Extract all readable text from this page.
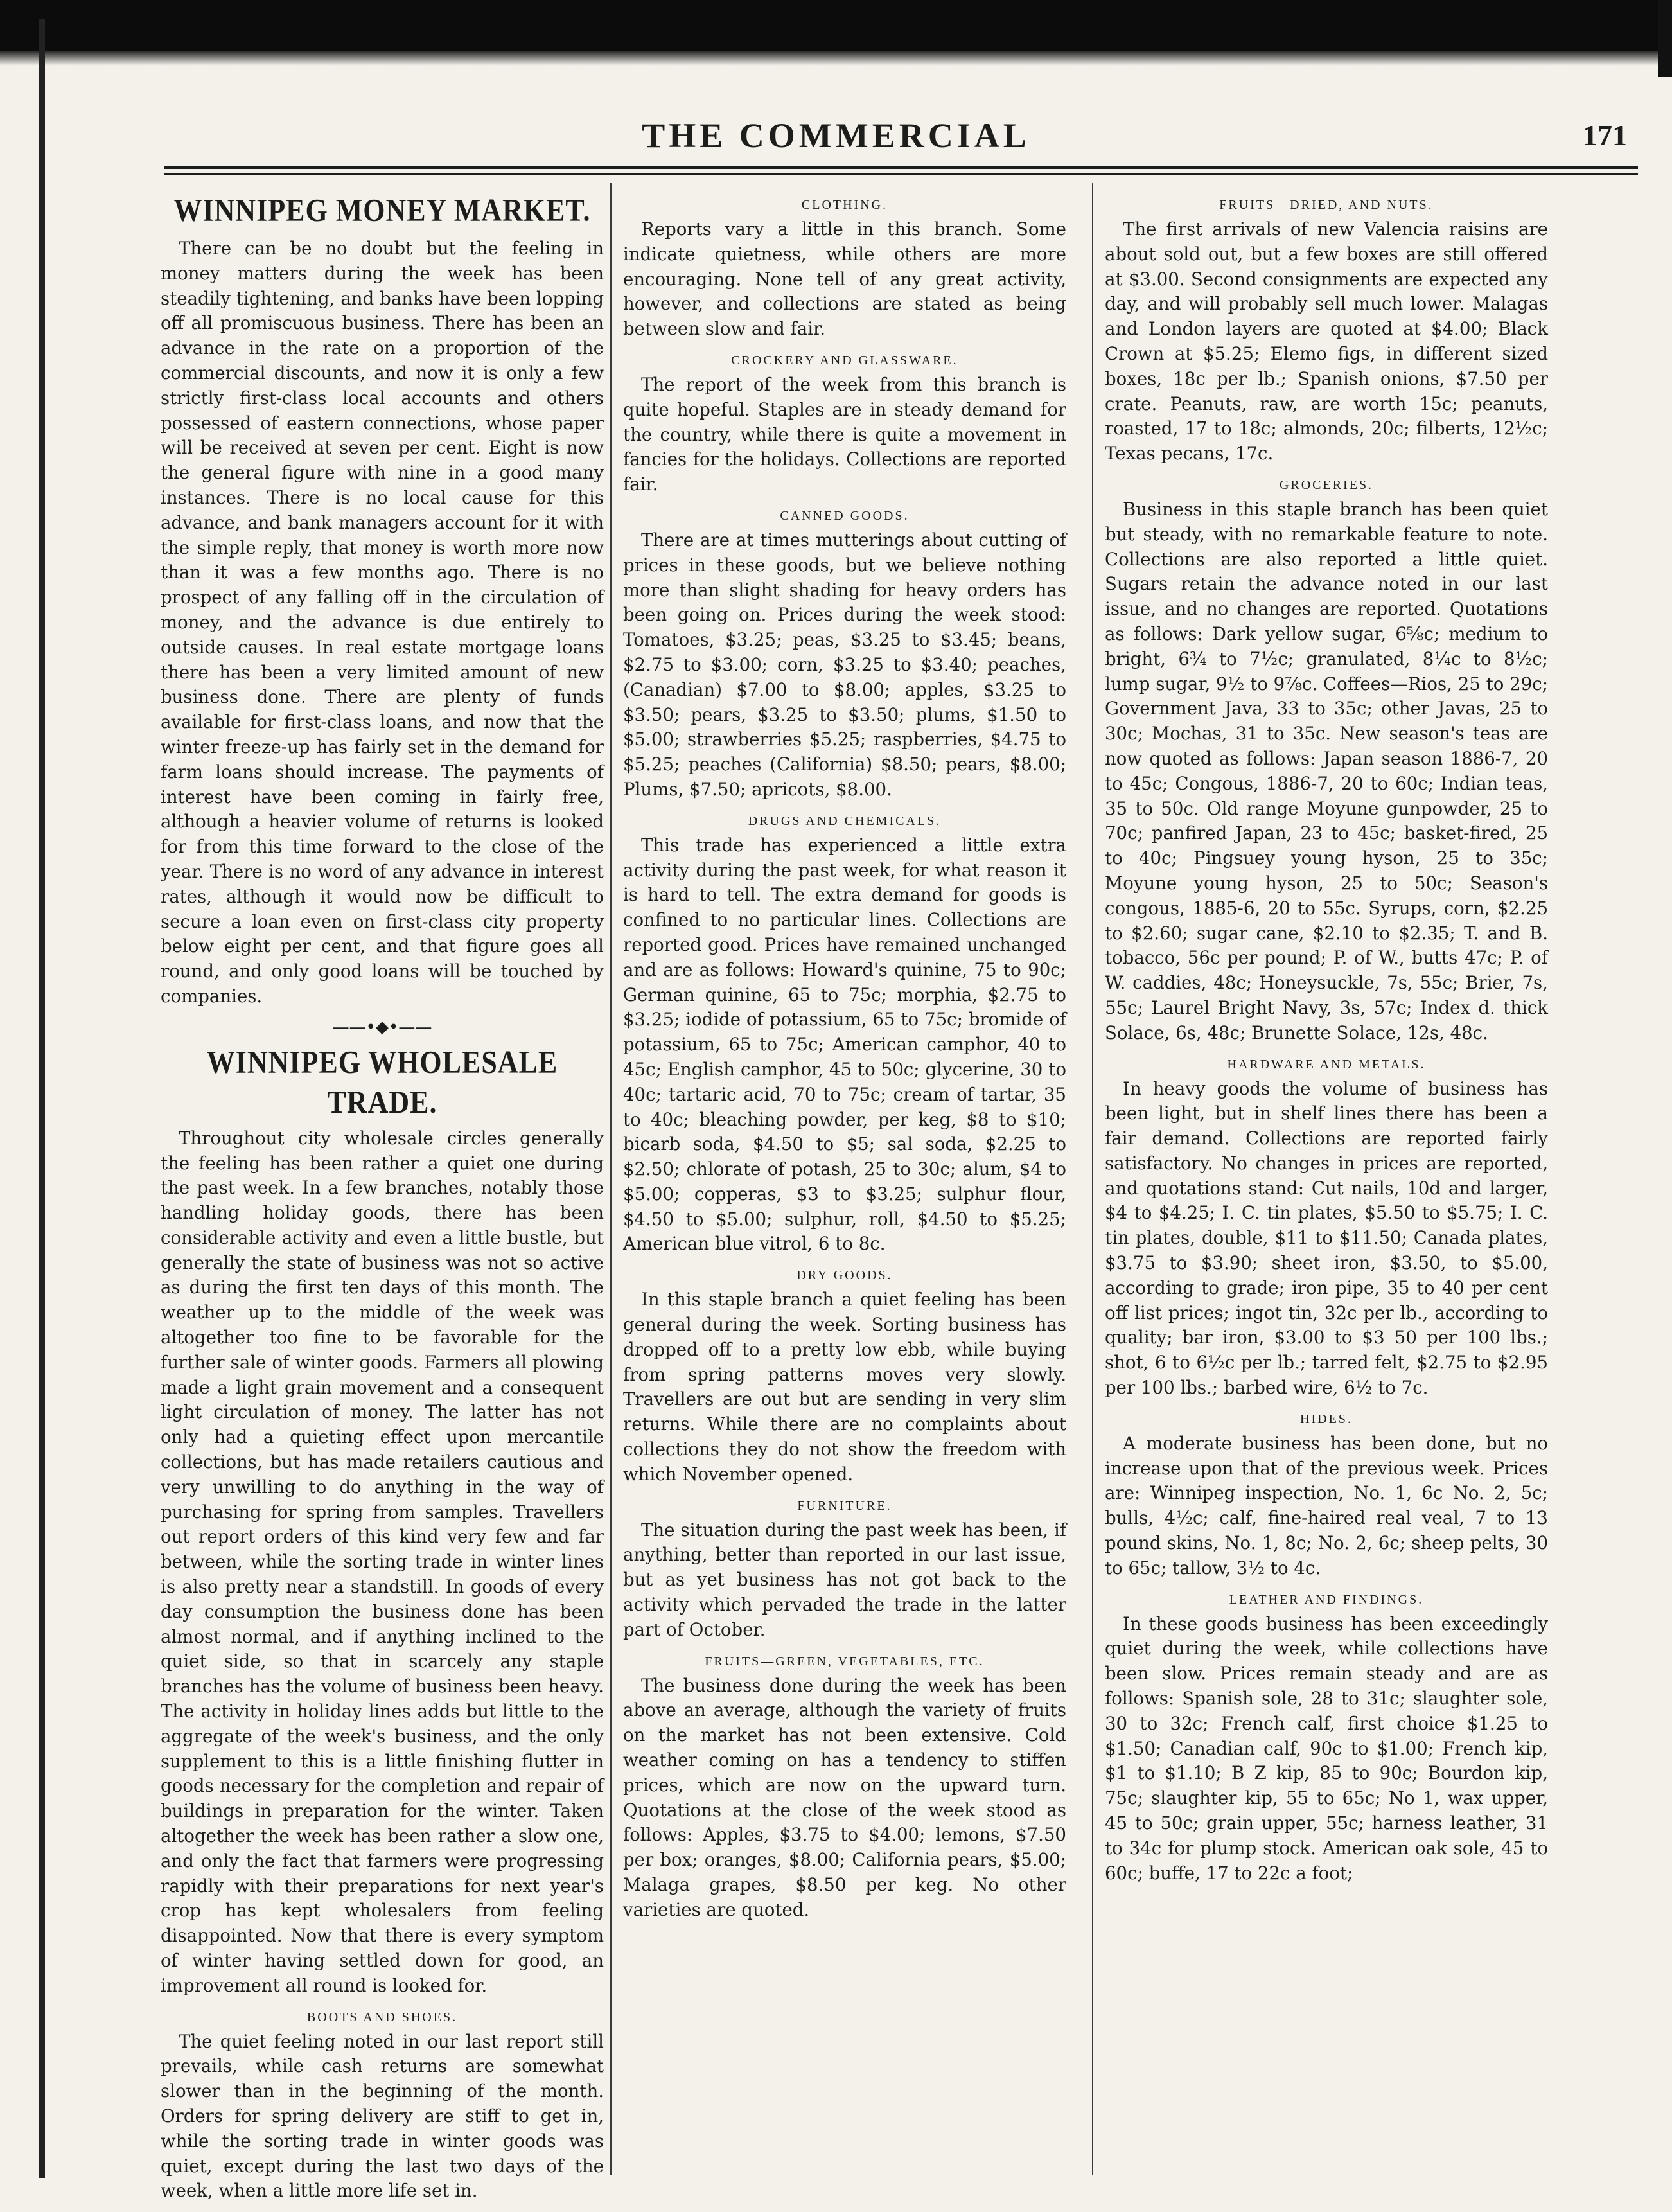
THE COMMERCIAL	171
WINNIPEG MONEY MARKET.

There can be no doubt but the feeling in money matters during the week has been steadily tightening, and banks have been lopping off all promiscuous business. There has been an advance in the rate on a proportion of the commercial discounts, and now it is only a few strictly first-class local accounts and others possessed of eastern connections, whose paper will be received at seven per cent. Eight is now the general figure with nine in a good many instances. There is no local cause for this advance, and bank managers account for it with the simple reply, that money is worth more now than it was a few months ago. There is no prospect of any falling off in the circulation of money, and the advance is due entirely to outside causes. In real estate mortgage loans there has been a very limited amount of new business done. There are plenty of funds available for first-class loans, and now that the winter freeze-up has fairly set in the demand for farm loans should increase. The payments of interest have been coming in fairly free, although a heavier volume of returns is looked for from this time forward to the close of the year. There is no word of any advance in interest rates, although it would now be difficult to secure a loan even on first-class city property below eight per cent, and that figure goes all round, and only good loans will be touched by companies.

——•◆•——
WINNIPEG WHOLESALE TRADE.

Throughout city wholesale circles generally the feeling has been rather a quiet one during the past week. In a few branches, notably those handling holiday goods, there has been considerable activity and even a little bustle, but generally the state of business was not so active as during the first ten days of this month. The weather up to the middle of the week was altogether too fine to be favorable for the further sale of winter goods. Farmers all plowing made a light grain movement and a consequent light circulation of money. The latter has not only had a quieting effect upon mercantile collections, but has made retailers cautious and very unwilling to do anything in the way of purchasing for spring from samples. Travellers out report orders of this kind very few and far between, while the sorting trade in winter lines is also pretty near a standstill. In goods of every day consumption the business done has been almost normal, and if anything inclined to the quiet side, so that in scarcely any staple branches has the volume of business been heavy. The activity in holiday lines adds but little to the aggregate of the week's business, and the only supplement to this is a little finishing flutter in goods necessary for the completion and repair of buildings in preparation for the winter. Taken altogether the week has been rather a slow one, and only the fact that farmers were progressing rapidly with their preparations for next year's crop has kept wholesalers from feeling disappointed. Now that there is every symptom of winter having settled down for good, an improvement all round is looked for.

BOOTS AND SHOES.

The quiet feeling noted in our last report still prevails, while cash returns are somewhat slower than in the beginning of the month. Orders for spring delivery are stiff to get in, while the sorting trade in winter goods was quiet, except during the last two days of the week, when a little more life set in.

CLOTHING.

Reports vary a little in this branch. Some indicate quietness, while others are more encouraging. None tell of any great activity, however, and collections are stated as being between slow and fair.

CROCKERY AND GLASSWARE.

The report of the week from this branch is quite hopeful. Staples are in steady demand for the country, while there is quite a movement in fancies for the holidays. Collections are reported fair.

CANNED GOODS.

There are at times mutterings about cutting of prices in these goods, but we believe nothing more than slight shading for heavy orders has been going on. Prices during the week stood: Tomatoes, $3.25; peas, $3.25 to $3.45; beans, $2.75 to $3.00; corn, $3.25 to $3.40; peaches, (Canadian) $7.00 to $8.00; apples, $3.25 to $3.50; pears, $3.25 to $3.50; plums, $1.50 to $5.00; strawberries $5.25; raspberries, $4.75 to $5.25; peaches (California) $8.50; pears, $8.00; Plums, $7.50; apricots, $8.00.

DRUGS AND CHEMICALS.

This trade has experienced a little extra activity during the past week, for what reason it is hard to tell. The extra demand for goods is confined to no particular lines. Collections are reported good. Prices have remained unchanged and are as follows: Howard's quinine, 75 to 90c; German quinine, 65 to 75c; morphia, $2.75 to $3.25; iodide of potassium, 65 to 75c; bromide of potassium, 65 to 75c; American camphor, 40 to 45c; English camphor, 45 to 50c; glycerine, 30 to 40c; tartaric acid, 70 to 75c; cream of tartar, 35 to 40c; bleaching powder, per keg, $8 to $10; bicarb soda, $4.50 to $5; sal soda, $2.25 to $2.50; chlorate of potash, 25 to 30c; alum, $4 to $5.00; copperas, $3 to $3.25; sulphur flour, $4.50 to $5.00; sulphur, roll, $4.50 to $5.25; American blue vitrol, 6 to 8c.

DRY GOODS.

In this staple branch a quiet feeling has been general during the week. Sorting business has dropped off to a pretty low ebb, while buying from spring patterns moves very slowly. Travellers are out but are sending in very slim returns. While there are no complaints about collections they do not show the freedom with which November opened.

FURNITURE.

The situation during the past week has been, if anything, better than reported in our last issue, but as yet business has not got back to the activity which pervaded the trade in the latter part of October.

FRUITS—GREEN, VEGETABLES, ETC.

The business done during the week has been above an average, although the variety of fruits on the market has not been extensive. Cold weather coming on has a tendency to stiffen prices, which are now on the upward turn. Quotations at the close of the week stood as follows: Apples, $3.75 to $4.00; lemons, $7.50 per box; oranges, $8.00; California pears, $5.00; Malaga grapes, $8.50 per keg. No other varieties are quoted.

FRUITS—DRIED, AND NUTS.

The first arrivals of new Valencia raisins are about sold out, but a few boxes are still offered at $3.00. Second consignments are expected any day, and will probably sell much lower. Malagas and London layers are quoted at $4.00; Black Crown at $5.25; Elemo figs, in different sized boxes, 18c per lb.; Spanish onions, $7.50 per crate. Peanuts, raw, are worth 15c; peanuts, roasted, 17 to 18c; almonds, 20c; filberts, 12½c; Texas pecans, 17c.

GROCERIES.

Business in this staple branch has been quiet but steady, with no remarkable feature to note. Collections are also reported a little quiet. Sugars retain the advance noted in our last issue, and no changes are reported. Quotations as follows: Dark yellow sugar, 6⅝c; medium to bright, 6¾ to 7½c; granulated, 8¼c to 8½c; lump sugar, 9½ to 9⅞c. Coffees—Rios, 25 to 29c; Government Java, 33 to 35c; other Javas, 25 to 30c; Mochas, 31 to 35c. New season's teas are now quoted as follows: Japan season 1886-7, 20 to 45c; Congous, 1886-7, 20 to 60c; Indian teas, 35 to 50c. Old range Moyune gunpowder, 25 to 70c; panfired Japan, 23 to 45c; basket-fired, 25 to 40c; Pingsuey young hyson, 25 to 35c; Moyune young hyson, 25 to 50c; Season's congous, 1885-6, 20 to 55c. Syrups, corn, $2.25 to $2.60; sugar cane, $2.10 to $2.35; T. and B. tobacco, 56c per pound; P. of W., butts 47c; P. of W. caddies, 48c; Honeysuckle, 7s, 55c; Brier, 7s, 55c; Laurel Bright Navy, 3s, 57c; Index d. thick Solace, 6s, 48c; Brunette Solace, 12s, 48c.

HARDWARE AND METALS.

In heavy goods the volume of business has been light, but in shelf lines there has been a fair demand. Collections are reported fairly satisfactory. No changes in prices are reported, and quotations stand: Cut nails, 10d and larger, $4 to $4.25; I. C. tin plates, $5.50 to $5.75; I. C. tin plates, double, $11 to $11.50; Canada plates, $3.75 to $3.90; sheet iron, $3.50, to $5.00, according to grade; iron pipe, 35 to 40 per cent off list prices; ingot tin, 32c per lb., according to quality; bar iron, $3.00 to $3 50 per 100 lbs.; shot, 6 to 6½c per lb.; tarred felt, $2.75 to $2.95 per 100 lbs.; barbed wire, 6½ to 7c.

HIDES.

A moderate business has been done, but no increase upon that of the previous week. Prices are: Winnipeg inspection, No. 1, 6c No. 2, 5c; bulls, 4½c; calf, fine-haired real veal, 7 to 13 pound skins, No. 1, 8c; No. 2, 6c; sheep pelts, 30 to 65c; tallow, 3½ to 4c.

LEATHER AND FINDINGS.

In these goods business has been exceedingly quiet during the week, while collections have been slow. Prices remain steady and are as follows: Spanish sole, 28 to 31c; slaughter sole, 30 to 32c; French calf, first choice $1.25 to $1.50; Canadian calf, 90c to $1.00; French kip, $1 to $1.10; B Z kip, 85 to 90c; Bourdon kip, 75c; slaughter kip, 55 to 65c; No 1, wax upper, 45 to 50c; grain upper, 55c; harness leather, 31 to 34c for plump stock. American oak sole, 45 to 60c; buffe, 17 to 22c a foot;
